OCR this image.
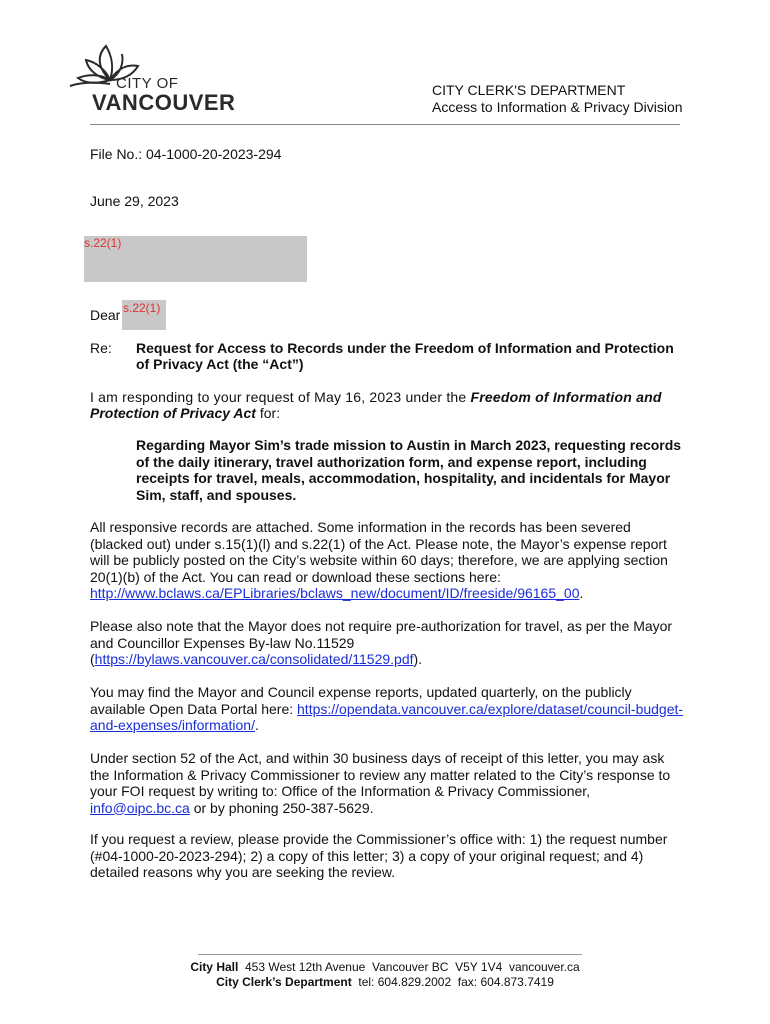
CITY OF
VANCOUVER	CITY CLERK'S DEPARTMENT
Access to Information & Privacy Division
File No.: 04-1000-20-2023-294
June 29, 2023
s.22(1)
Dear s.22(1)
Re: Request for Access to Records under the Freedom of Information and Protection
of Privacy Act (the “Act”)
I am responding to your request of May 16, 2023 under the Freedom of Information and
Protection of Privacy Act for:
Regarding Mayor Sim’s trade mission to Austin in March 2023, requesting records
of the daily itinerary, travel authorization form, and expense report, including
receipts for travel, meals, accommodation, hospitality, and incidentals for Mayor
Sim, staff, and spouses.
All responsive records are attached. Some information in the records has been severed
(blacked out) under s.15(1)(l) and s.22(1) of the Act. Please note, the Mayor’s expense report
will be publicly posted on the City’s website within 60 days; therefore, we are applying section
20(1)(b) of the Act. You can read or download these sections here:
http://www.bclaws.ca/EPLibraries/bclaws_new/document/ID/freeside/96165_00.
Please also note that the Mayor does not require pre-authorization for travel, as per the Mayor
and Councillor Expenses By-law No.11529
(https://bylaws.vancouver.ca/consolidated/11529.pdf).
You may find the Mayor and Council expense reports, updated quarterly, on the publicly
available Open Data Portal here: https://opendata.vancouver.ca/explore/dataset/council-budget-
and-expenses/information/.
Under section 52 of the Act, and within 30 business days of receipt of this letter, you may ask
the Information & Privacy Commissioner to review any matter related to the City’s response to
your FOI request by writing to: Office of the Information & Privacy Commissioner,
info@oipc.bc.ca or by phoning 250-387-5629.
If you request a review, please provide the Commissioner’s office with: 1) the request number
(#04-1000-20-2023-294); 2) a copy of this letter; 3) a copy of your original request; and 4)
detailed reasons why you are seeking the review.
City Hall  453 West 12th Avenue  Vancouver BC  V5Y 1V4  vancouver.ca
City Clerk’s Department  tel: 604.829.2002  fax: 604.873.7419
